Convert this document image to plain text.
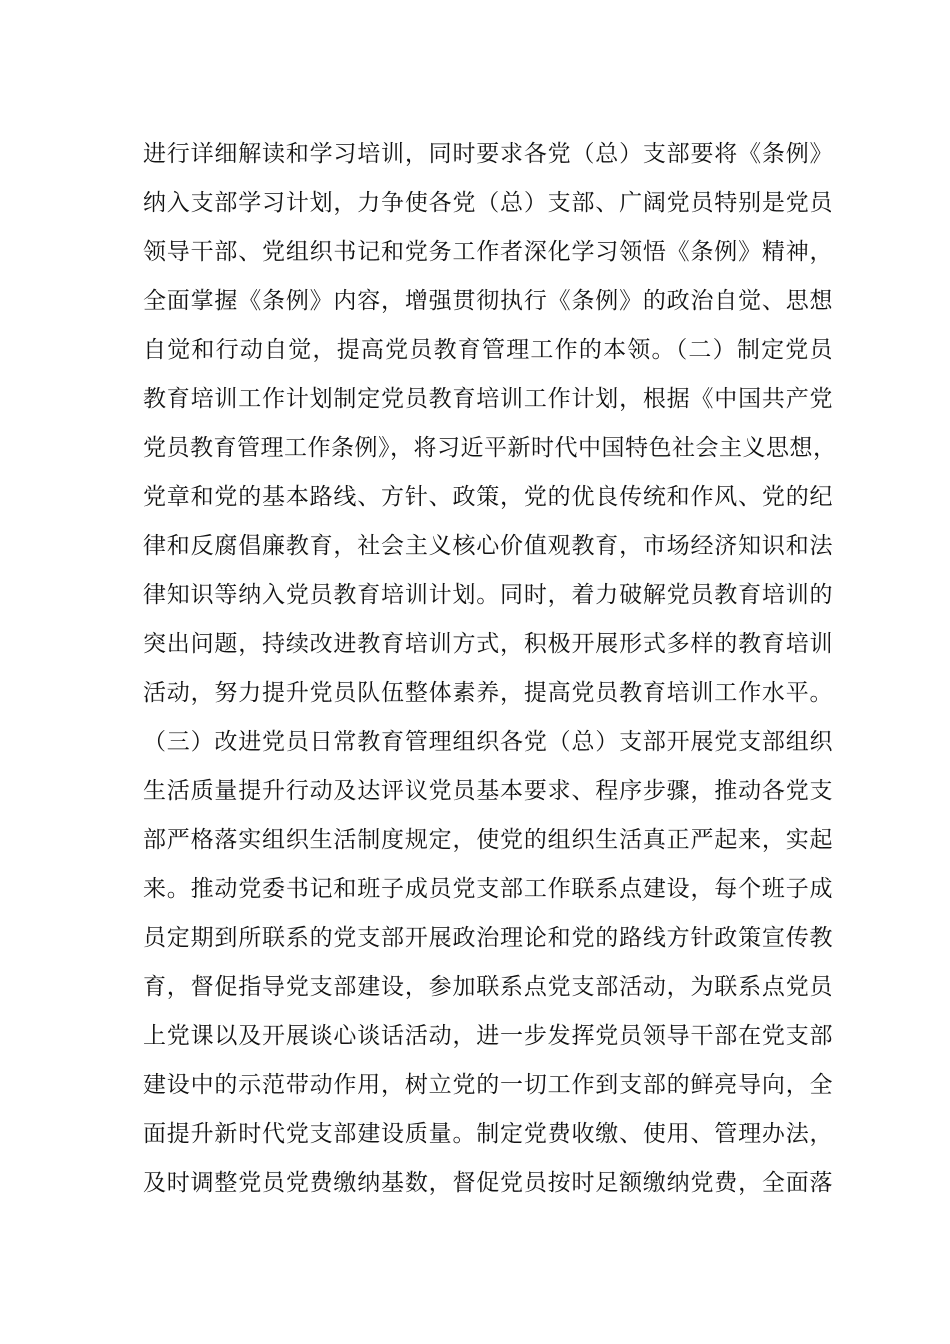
进行详细解读和学习培训，同时要求各党（总）支部要将《条例》
纳入支部学习计划，力争使各党（总）支部、广阔党员特别是党员
领导干部、党组织书记和党务工作者深化学习领悟《条例》精神，
全面掌握《条例》内容，增强贯彻执行《条例》的政治自觉、思想
自觉和行动自觉，提高党员教育管理工作的本领。（二）制定党员
教育培训工作计划制定党员教育培训工作计划，根据《中国共产党
党员教育管理工作条例》，将习近平新时代中国特色社会主义思想，
党章和党的基本路线、方针、政策，党的优良传统和作风、党的纪
律和反腐倡廉教育，社会主义核心价值观教育，市场经济知识和法
律知识等纳入党员教育培训计划。同时，着力破解党员教育培训的
突出问题，持续改进教育培训方式，积极开展形式多样的教育培训
活动，努力提升党员队伍整体素养，提高党员教育培训工作水平。
（三）改进党员日常教育管理组织各党（总）支部开展党支部组织
生活质量提升行动及达评议党员基本要求、程序步骤，推动各党支
部严格落实组织生活制度规定，使党的组织生活真正严起来，实起
来。推动党委书记和班子成员党支部工作联系点建设，每个班子成
员定期到所联系的党支部开展政治理论和党的路线方针政策宣传教
育，督促指导党支部建设，参加联系点党支部活动，为联系点党员
上党课以及开展谈心谈话活动，进一步发挥党员领导干部在党支部
建设中的示范带动作用，树立党的一切工作到支部的鲜亮导向，全
面提升新时代党支部建设质量。制定党费收缴、使用、管理办法，
及时调整党员党费缴纳基数，督促党员按时足额缴纳党费，全面落
